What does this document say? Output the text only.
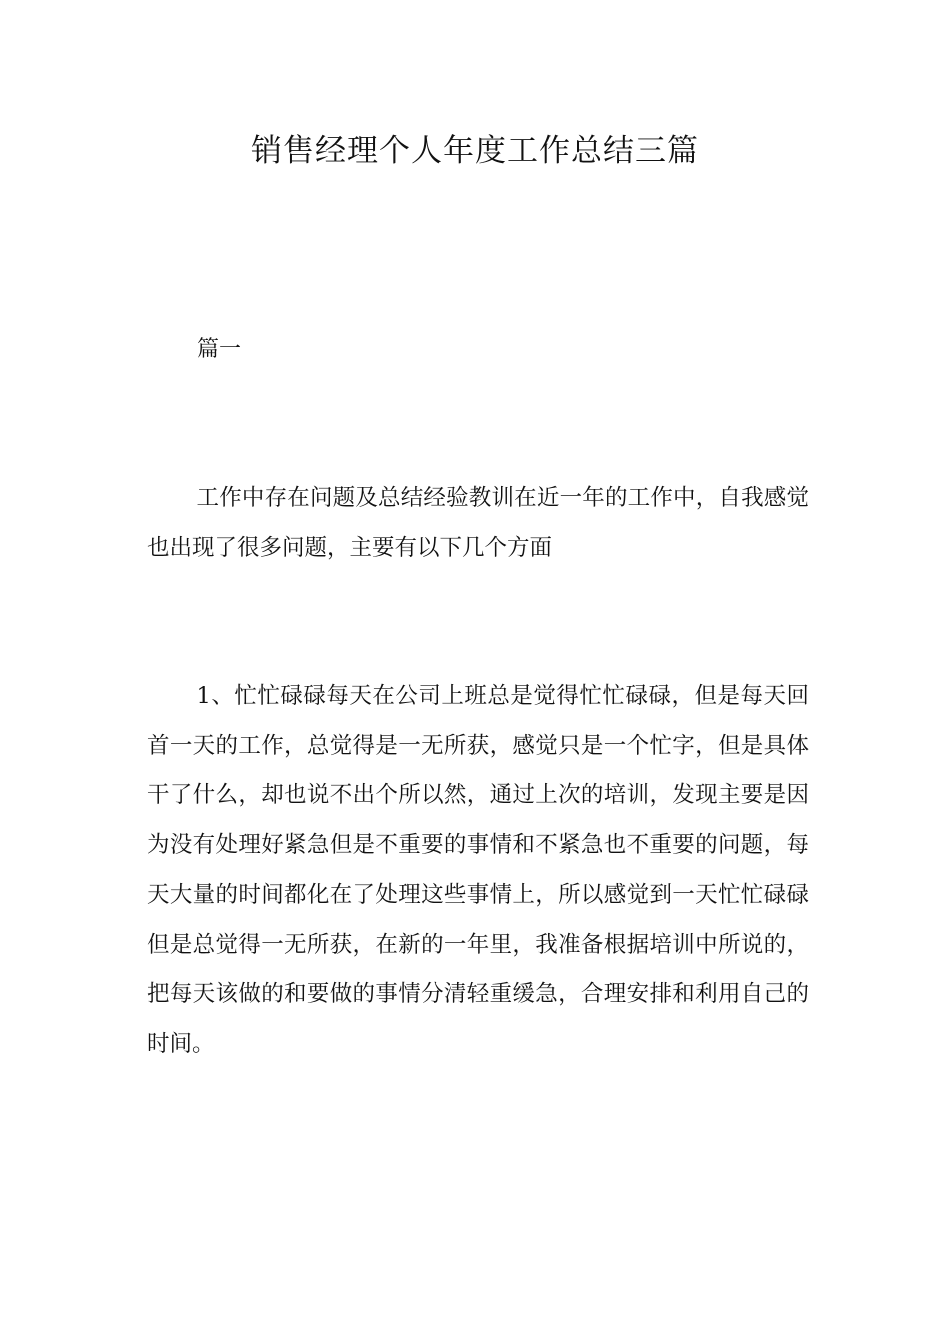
销售经理个人年度工作总结三篇

篇一

工作中存在问题及总结经验教训在近一年的工作中，自我感觉也出现了很多问题，主要有以下几个方面

1、忙忙碌碌每天在公司上班总是觉得忙忙碌碌，但是每天回首一天的工作，总觉得是一无所获，感觉只是一个忙字，但是具体干了什么，却也说不出个所以然，通过上次的培训，发现主要是因为没有处理好紧急但是不重要的事情和不紧急也不重要的问题，每天大量的时间都化在了处理这些事情上，所以感觉到一天忙忙碌碌但是总觉得一无所获，在新的一年里，我准备根据培训中所说的，把每天该做的和要做的事情分清轻重缓急，合理安排和利用自己的时间。
